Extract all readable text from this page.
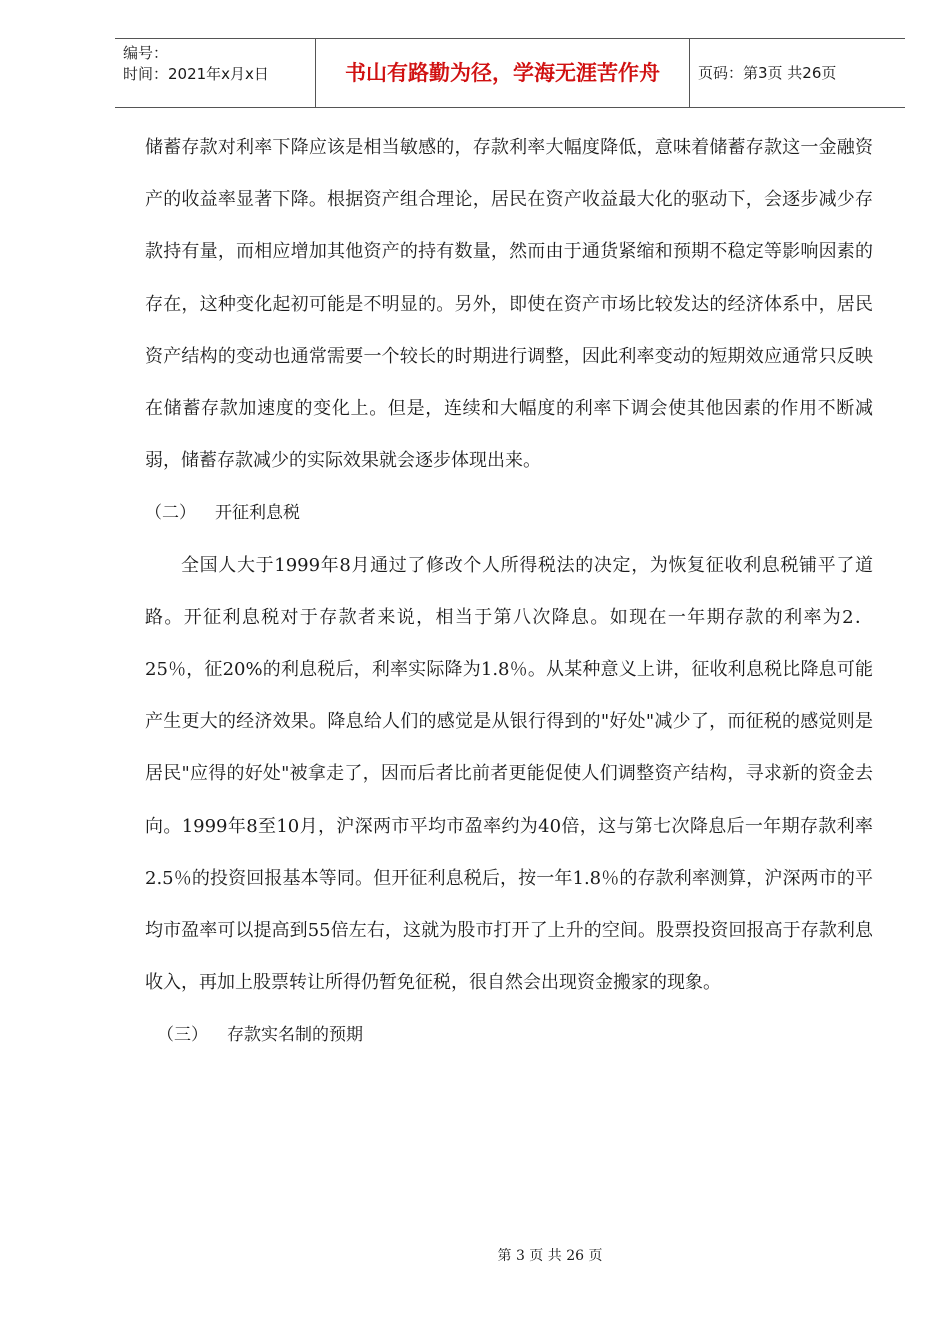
编号：
时间：2021年x月x日	书山有路勤为径，学海无涯苦作舟	页码：第3页 共26页

储蓄存款对利率下降应该是相当敏感的，存款利率大幅度降低，意味着储蓄存款这一金融资产的收益率显著下降。根据资产组合理论，居民在资产收益最大化的驱动下，会逐步减少存款持有量，而相应增加其他资产的持有数量，然而由于通货紧缩和预期不稳定等影响因素的存在，这种变化起初可能是不明显的。另外，即使在资产市场比较发达的经济体系中，居民资产结构的变动也通常需要一个较长的时期进行调整，因此利率变动的短期效应通常只反映在储蓄存款加速度的变化上。但是，连续和大幅度的利率下调会使其他因素的作用不断减弱，储蓄存款减少的实际效果就会逐步体现出来。

（二） 开征利息税

全国人大于1999年8月通过了修改个人所得税法的决定，为恢复征收利息税铺平了道路。开征利息税对于存款者来说，相当于第八次降息。如现在一年期存款的利率为2．25％，征20%的利息税后，利率实际降为1.8％。从某种意义上讲，征收利息税比降息可能产生更大的经济效果。降息给人们的感觉是从银行得到的"好处"减少了，而征税的感觉则是居民"应得的好处"被拿走了，因而后者比前者更能促使人们调整资产结构，寻求新的资金去向。1999年8至10月，沪深两市平均市盈率约为40倍，这与第七次降息后一年期存款利率2.5％的投资回报基本等同。但开征利息税后，按一年1.8％的存款利率测算，沪深两市的平均市盈率可以提高到55倍左右，这就为股市打开了上升的空间。股票投资回报高于存款利息收入，再加上股票转让所得仍暂免征税，很自然会出现资金搬家的现象。

（三） 存款实名制的预期

第 3 页 共 26 页
